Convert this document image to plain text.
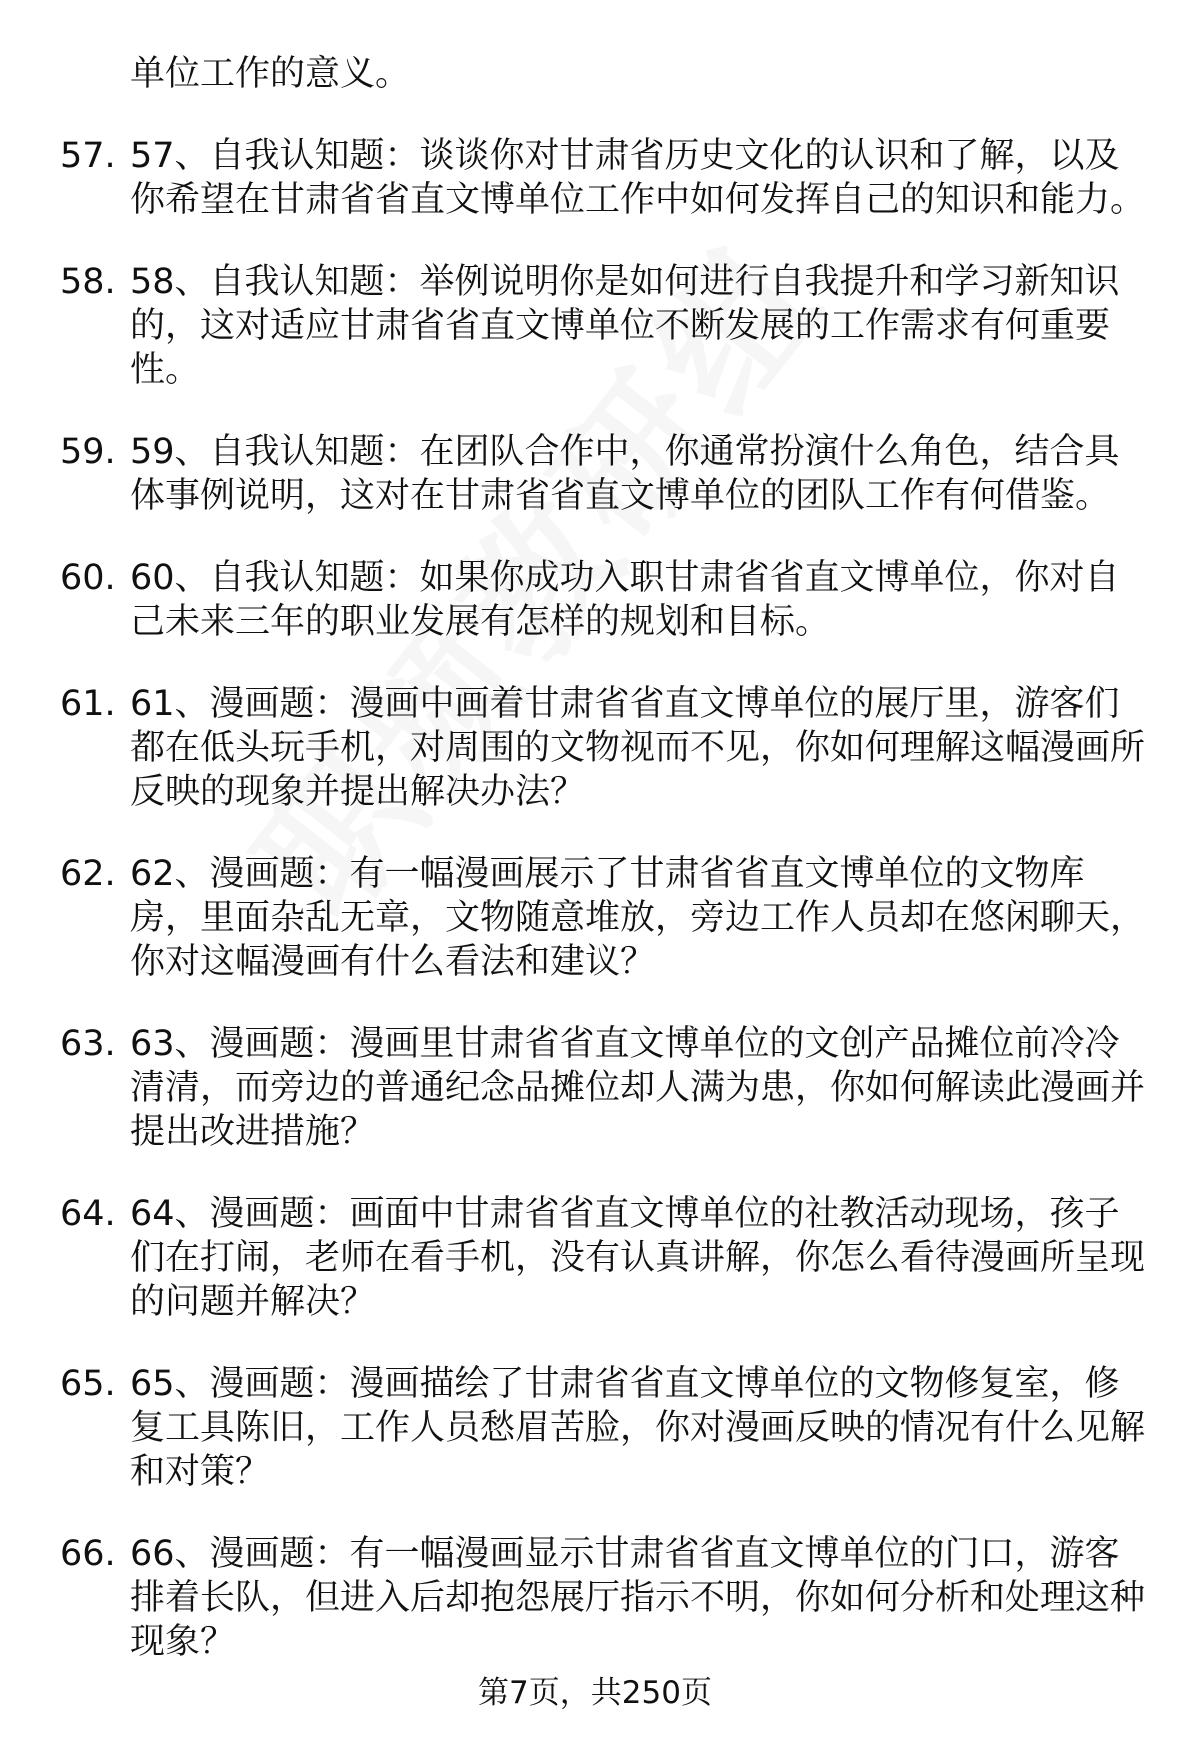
单位工作的意义。
57. 57、自我认知题：谈谈你对甘肃省历史文化的认识和了解，以及你希望在甘肃省省直文博单位工作中如何发挥自己的知识和能力。
58. 58、自我认知题：举例说明你是如何进行自我提升和学习新知识的，这对适应甘肃省省直文博单位不断发展的工作需求有何重要性。
59. 59、自我认知题：在团队合作中，你通常扮演什么角色，结合具体事例说明，这对在甘肃省省直文博单位的团队工作有何借鉴。
60. 60、自我认知题：如果你成功入职甘肃省省直文博单位，你对自己未来三年的职业发展有怎样的规划和目标。
61. 61、漫画题：漫画中画着甘肃省省直文博单位的展厅里，游客们都在低头玩手机，对周围的文物视而不见，你如何理解这幅漫画所反映的现象并提出解决办法？
62. 62、漫画题：有一幅漫画展示了甘肃省省直文博单位的文物库房，里面杂乱无章，文物随意堆放，旁边工作人员却在悠闲聊天，你对这幅漫画有什么看法和建议？
63. 63、漫画题：漫画里甘肃省省直文博单位的文创产品摊位前冷冷清清，而旁边的普通纪念品摊位却人满为患，你如何解读此漫画并提出改进措施？
64. 64、漫画题：画面中甘肃省省直文博单位的社教活动现场，孩子们在打闹，老师在看手机，没有认真讲解，你怎么看待漫画所呈现的问题并解决？
65. 65、漫画题：漫画描绘了甘肃省省直文博单位的文物修复室，修复工具陈旧，工作人员愁眉苦脸，你对漫画反映的情况有什么见解和对策？
66. 66、漫画题：有一幅漫画显示甘肃省省直文博单位的门口，游客排着长队，但进入后却抱怨展厅指示不明，你如何分析和处理这种现象？
第7页，共250页
